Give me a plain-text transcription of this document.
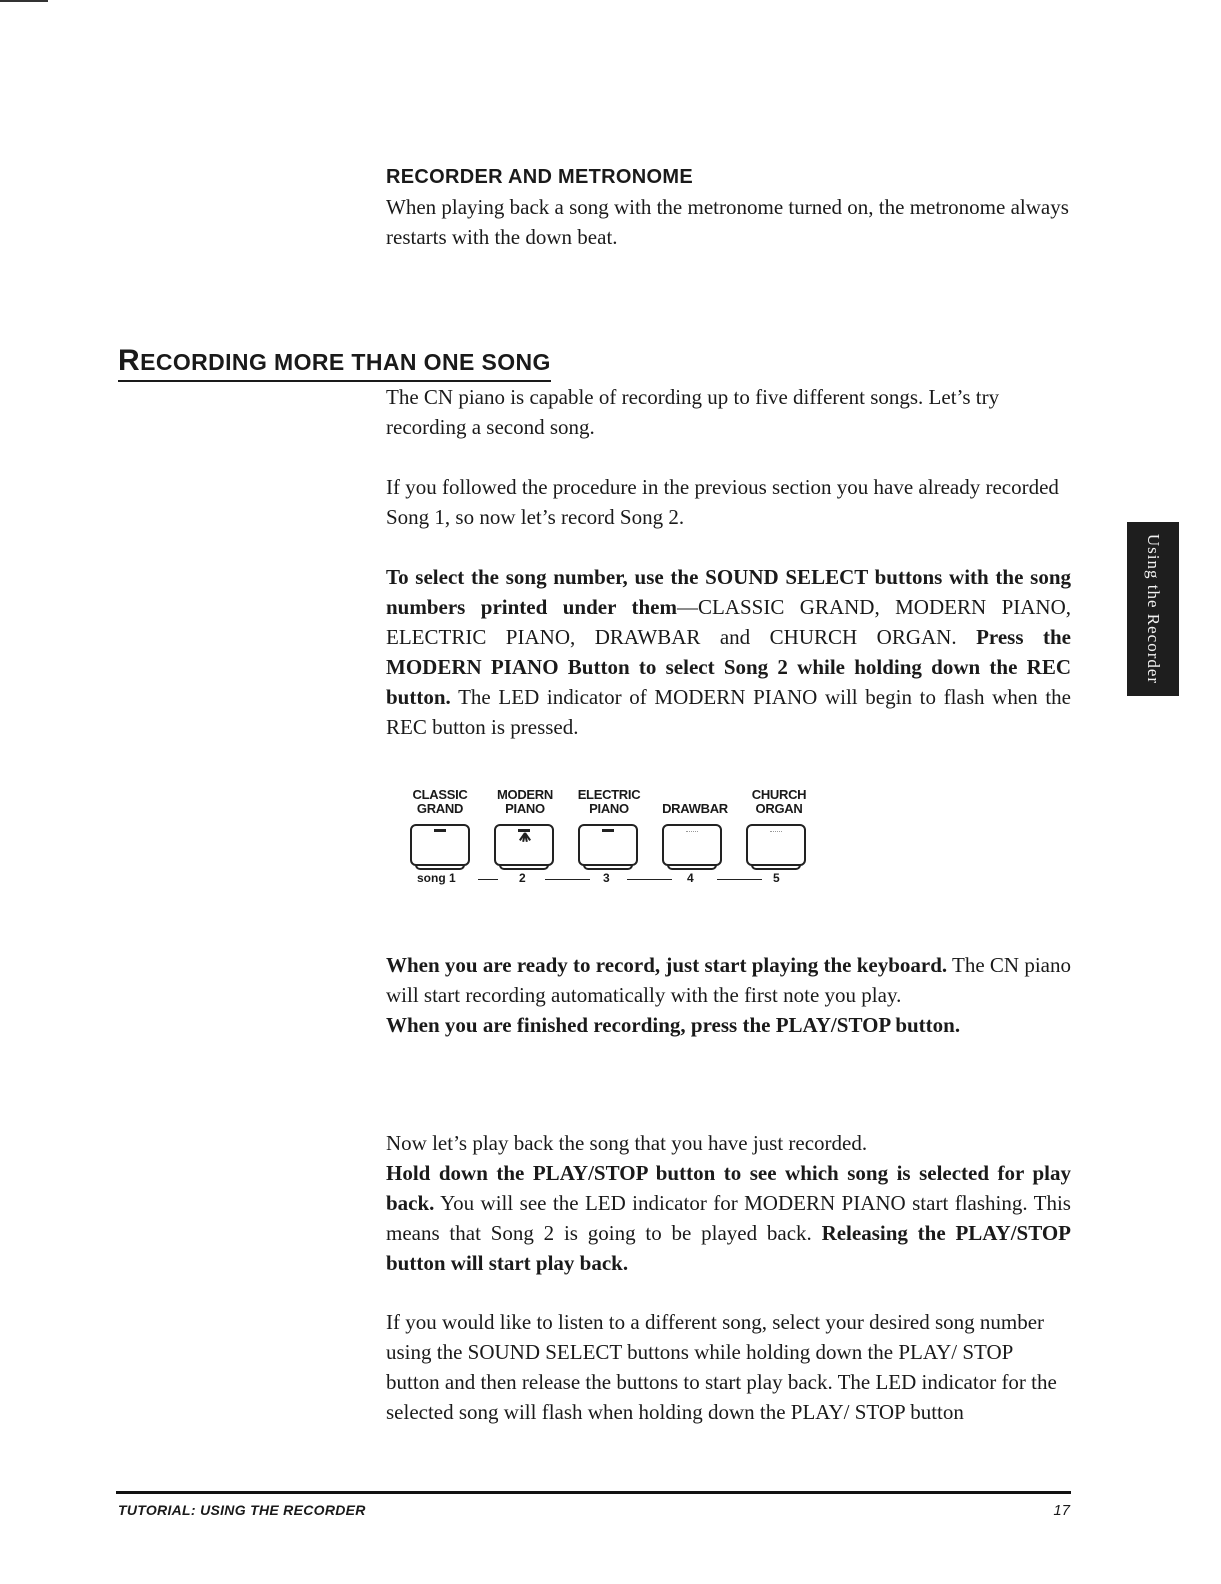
RECORDER AND METRONOME

When playing back a song with the metronome turned on, the metronome always restarts with the down beat.

RECORDING MORE THAN ONE SONG

The CN piano is capable of recording up to five different songs. Let’s try recording a second song.

If you followed the procedure in the previous section you have already recorded Song 1, so now let’s record Song 2.

To select the song number, use the SOUND SELECT buttons with the song numbers printed under them—CLASSIC GRAND, MODERN PIANO, ELECTRIC PIANO, DRAWBAR and CHURCH ORGAN. Press the MODERN PIANO Button to select Song 2 while holding down the REC button. The LED indicator of MODERN PIANO will begin to flash when the REC button is pressed.

Using the Recorder
CLASSIC
GRAND
MODERN
PIANO
ELECTRIC
PIANO
	DRAWBAR
CHURCH
ORGAN
song 1	2	3	4	5

When you are ready to record, just start playing the keyboard. The CN piano will start recording automatically with the first note you play.
When you are finished recording, press the PLAY/STOP button.

Now let’s play back the song that you have just recorded.
Hold down the PLAY/STOP button to see which song is selected for play back. You will see the LED indicator for MODERN PIANO start flashing. This means that Song 2 is going to be played back. Releasing the PLAY/STOP button will start play back.

If you would like to listen to a different song, select your desired song number using the SOUND SELECT buttons while holding down the PLAY/ STOP button and then release the buttons to start play back. The LED indicator for the selected song will flash when holding down the PLAY/ STOP button

TUTORIAL: USING THE RECORDER	17
